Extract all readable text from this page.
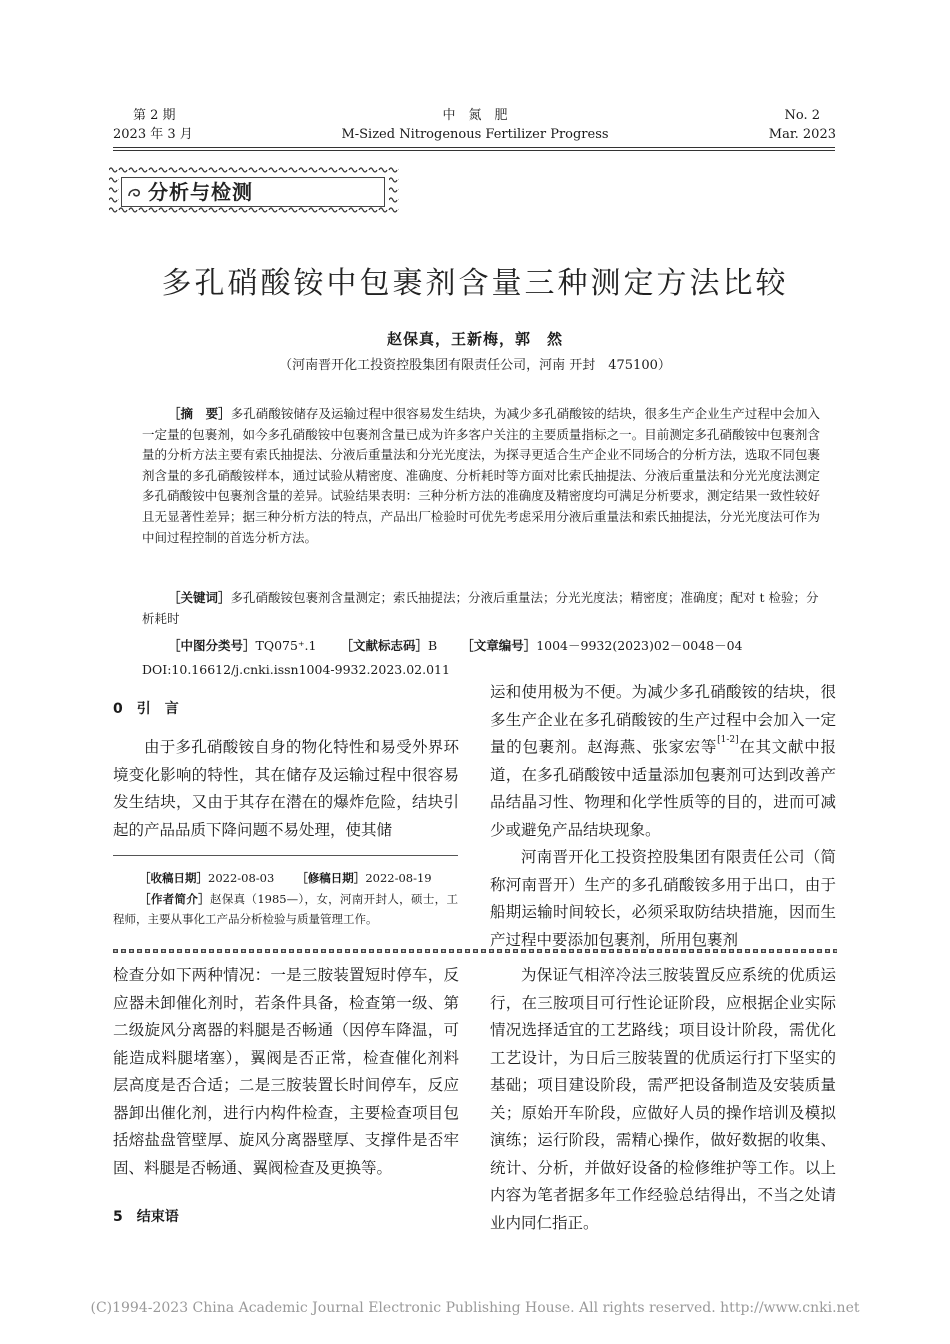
第 2 期
2023 年 3 月
中　氮　肥
M-Sized Nitrogenous Fertilizer Progress
No. 2
Mar. 2023
分析与检测
多孔硝酸铵中包裹剂含量三种测定方法比较
赵保真，王新梅，郭　然
（河南晋开化工投资控股集团有限责任公司，河南 开封　475100）
［摘　要］多孔硝酸铵储存及运输过程中很容易发生结块，为减少多孔硝酸铵的结块，很多生产企业生产过程中会加入一定量的包裹剂，如今多孔硝酸铵中包裹剂含量已成为许多客户关注的主要质量指标之一。目前测定多孔硝酸铵中包裹剂含量的分析方法主要有索氏抽提法、分液后重量法和分光光度法，为探寻更适合生产企业不同场合的分析方法，选取不同包裹剂含量的多孔硝酸铵样本，通过试验从精密度、准确度、分析耗时等方面对比索氏抽提法、分液后重量法和分光光度法测定多孔硝酸铵中包裹剂含量的差异。试验结果表明：三种分析方法的准确度及精密度均可满足分析要求，测定结果一致性较好且无显著性差异；据三种分析方法的特点，产品出厂检验时可优先考虑采用分液后重量法和索氏抽提法，分光光度法可作为中间过程控制的首选分析方法。
［关键词］多孔硝酸铵包裹剂含量测定；索氏抽提法；分液后重量法；分光光度法；精密度；准确度；配对 t 检验；分析耗时
［中图分类号］TQ075⁺.1 ［文献标志码］B ［文章编号］1004－9932(2023)02－0048－04
DOI:10.16612/j.cnki.issn1004-9932.2023.02.011
0　引　言

由于多孔硝酸铵自身的物化特性和易受外界环境变化影响的特性，其在储存及运输过程中很容易发生结块，又由于其存在潜在的爆炸危险，结块引起的产品品质下降问题不易处理，使其储

［收稿日期］2022-08-03 ［修稿日期］2022-08-19
［作者简介］赵保真（1985—），女，河南开封人，硕士，工程师，主要从事化工产品分析检验与质量管理工作。

运和使用极为不便。为减少多孔硝酸铵的结块，很多生产企业在多孔硝酸铵的生产过程中会加入一定量的包裹剂。赵海燕、张家宏等[1-2]在其文献中报道，在多孔硝酸铵中适量添加包裹剂可达到改善产品结晶习性、物理和化学性质等的目的，进而可减少或避免产品结块现象。

河南晋开化工投资控股集团有限责任公司（简称河南晋开）生产的多孔硝酸铵多用于出口，由于船期运输时间较长，必须采取防结块措施，因而生产过程中要添加包裹剂，所用包裹剂

检查分如下两种情况：一是三胺装置短时停车，反应器未卸催化剂时，若条件具备，检查第一级、第二级旋风分离器的料腿是否畅通（因停车降温，可能造成料腿堵塞），翼阀是否正常，检查催化剂料层高度是否合适；二是三胺装置长时间停车，反应器卸出催化剂，进行内构件检查，主要检查项目包括熔盐盘管壁厚、旋风分离器壁厚、支撑件是否牢固、料腿是否畅通、翼阀检查及更换等。

5　结束语

为保证气相淬冷法三胺装置反应系统的优质运行，在三胺项目可行性论证阶段，应根据企业实际情况选择适宜的工艺路线；项目设计阶段，需优化工艺设计，为日后三胺装置的优质运行打下坚实的基础；项目建设阶段，需严把设备制造及安装质量关；原始开车阶段，应做好人员的操作培训及模拟演练；运行阶段，需精心操作，做好数据的收集、统计、分析，并做好设备的检修维护等工作。以上内容为笔者据多年工作经验总结得出，不当之处请业内同仁指正。

(C)1994-2023 China Academic Journal Electronic Publishing House. All rights reserved. http://www.cnki.net
